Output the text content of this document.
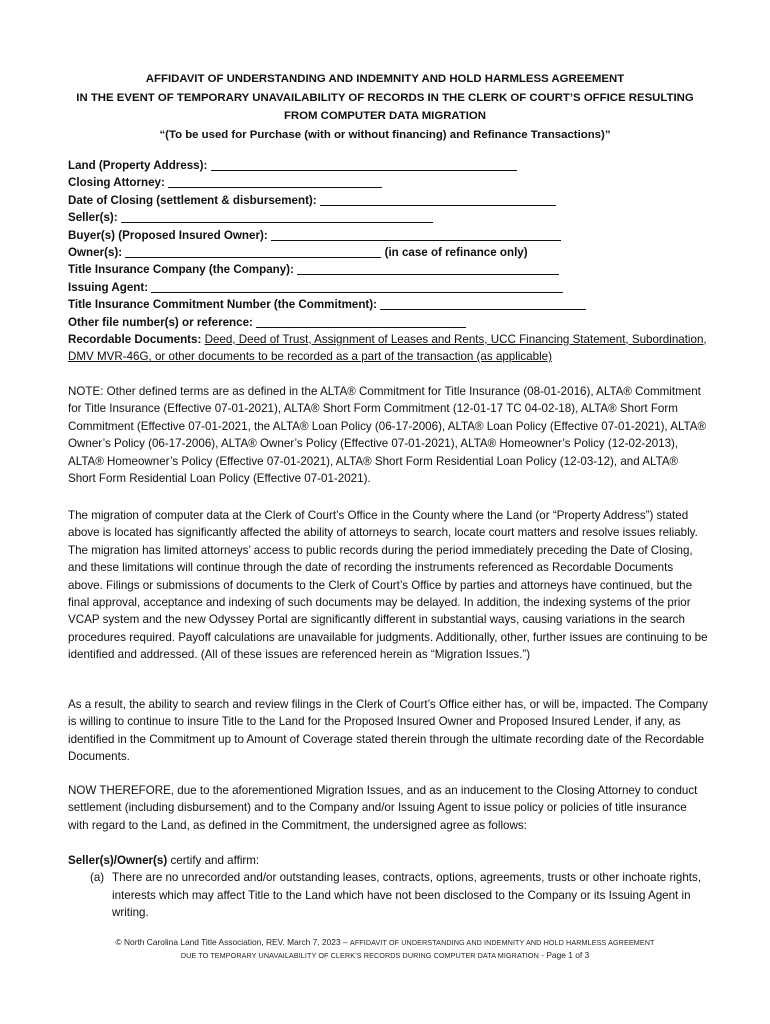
AFFIDAVIT OF UNDERSTANDING AND INDEMNITY AND HOLD HARMLESS AGREEMENT
IN THE EVENT OF TEMPORARY UNAVAILABILITY OF RECORDS IN THE CLERK OF COURT’S OFFICE RESULTING
FROM COMPUTER DATA MIGRATION
“(To be used for Purchase (with or without financing) and Refinance Transactions)”
Land (Property Address):
Closing Attorney:
Date of Closing (settlement & disbursement):
Seller(s):
Buyer(s) (Proposed Insured Owner):
Owner(s):	(in case of refinance only)
Title Insurance Company (the Company):
Issuing Agent:
Title Insurance Commitment Number (the Commitment):
Other file number(s) or reference:
Recordable Documents: Deed, Deed of Trust, Assignment of Leases and Rents, UCC Financing Statement, Subordination, DMV MVR-46G, or other documents to be recorded as a part of the transaction (as applicable)

NOTE: Other defined terms are as defined in the ALTA® Commitment for Title Insurance (08-01-2016), ALTA® Commitment for Title Insurance (Effective 07-01-2021), ALTA® Short Form Commitment (12-01-17 TC 04-02-18), ALTA® Short Form Commitment (Effective 07-01-2021, the ALTA® Loan Policy (06-17-2006), ALTA® Loan Policy (Effective 07-01-2021), ALTA® Owner’s Policy (06-17-2006), ALTA® Owner’s Policy (Effective 07-01-2021), ALTA® Homeowner’s Policy (12-02-2013), ALTA® Homeowner’s Policy (Effective 07-01-2021), ALTA® Short Form Residential Loan Policy (12-03-12), and ALTA® Short Form Residential Loan Policy (Effective 07-01-2021).

The migration of computer data at the Clerk of Court’s Office in the County where the Land (or “Property Address”) stated above is located has significantly affected the ability of attorneys to search, locate court matters and resolve issues reliably. The migration has limited attorneys’ access to public records during the period immediately preceding the Date of Closing, and these limitations will continue through the date of recording the instruments referenced as Recordable Documents above. Filings or submissions of documents to the Clerk of Court’s Office by parties and attorneys have continued, but the final approval, acceptance and indexing of such documents may be delayed. In addition, the indexing systems of the prior VCAP system and the new Odyssey Portal are significantly different in substantial ways, causing variations in the search procedures required. Payoff calculations are unavailable for judgments. Additionally, other, further issues are continuing to be identified and addressed. (All of these issues are referenced herein as “Migration Issues.”)

As a result, the ability to search and review filings in the Clerk of Court’s Office either has, or will be, impacted. The Company is willing to continue to insure Title to the Land for the Proposed Insured Owner and Proposed Insured Lender, if any, as identified in the Commitment up to Amount of Coverage stated therein through the ultimate recording date of the Recordable Documents.

NOW THEREFORE, due to the aforementioned Migration Issues, and as an inducement to the Closing Attorney to conduct settlement (including disbursement) and to the Company and/or Issuing Agent to issue policy or policies of title insurance with regard to the Land, as defined in the Commitment, the undersigned agree as follows:

Seller(s)/Owner(s) certify and affirm:

(a) There are no unrecorded and/or outstanding leases, contracts, options, agreements, trusts or other inchoate rights, interests which may affect Title to the Land which have not been disclosed to the Company or its Issuing Agent in writing.
© North Carolina Land Title Association, REV. March 7, 2023 – AFFIDAVIT OF UNDERSTANDING AND INDEMNITY AND HOLD HARMLESS AGREEMENT
DUE TO TEMPORARY UNAVAILABILITY OF CLERK’S RECORDS DURING COMPUTER DATA MIGRATION - Page 1 of 3
